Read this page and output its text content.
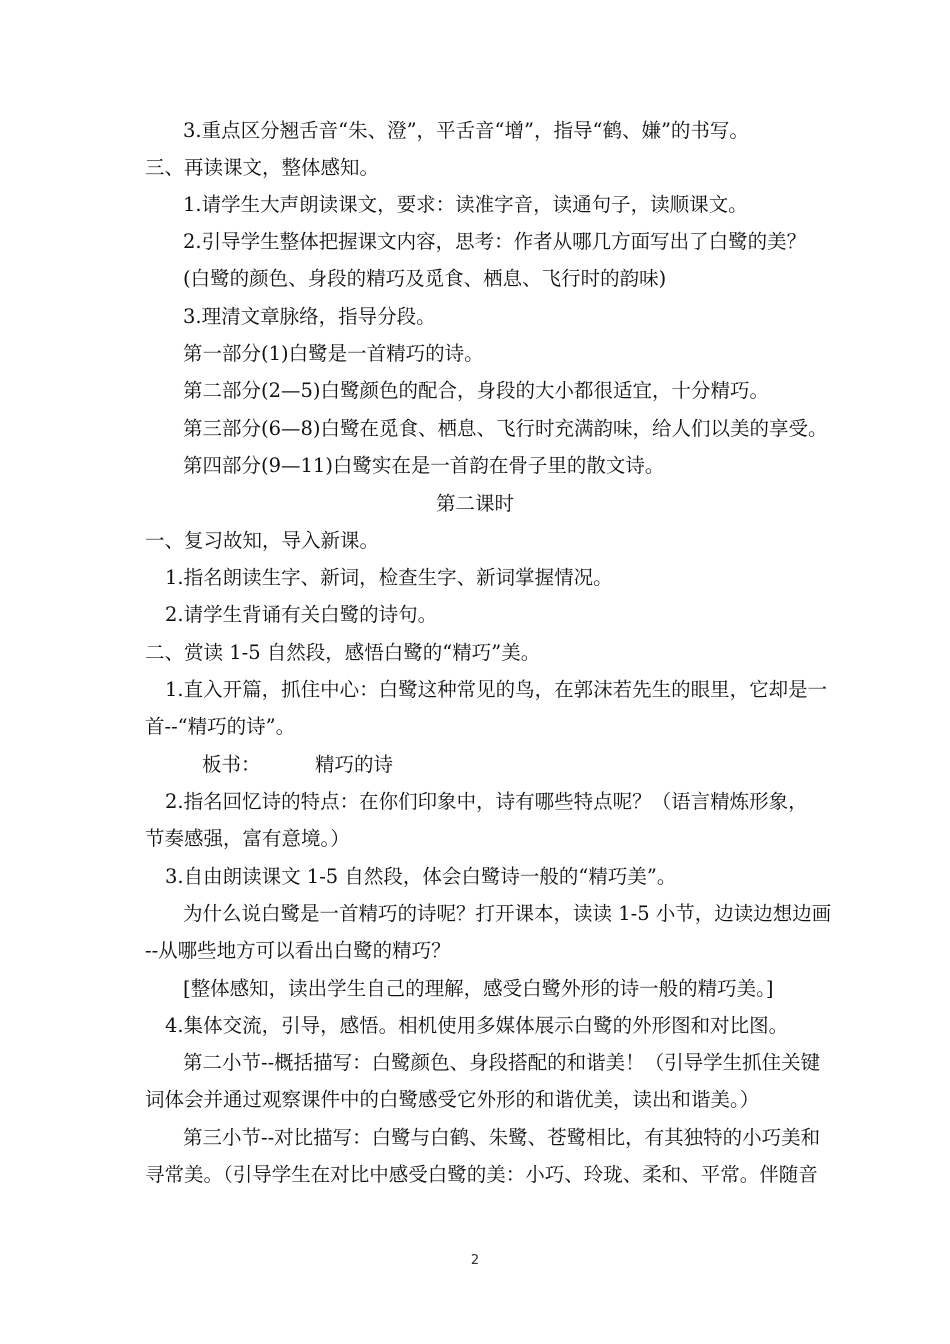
3.重点区分翘舌音“朱、澄”，平舌音“增”，指导“鹤、嫌”的书写。
三、再读课文，整体感知。
1.请学生大声朗读课文，要求：读准字音，读通句子，读顺课文。
2.引导学生整体把握课文内容，思考：作者从哪几方面写出了白鹭的美？
(白鹭的颜色、身段的精巧及觅食、栖息、飞行时的韵味)
3.理清文章脉络，指导分段。
第一部分(1)白鹭是一首精巧的诗。
第二部分(2—5)白鹭颜色的配合，身段的大小都很适宜，十分精巧。
第三部分(6—8)白鹭在觅食、栖息、飞行时充满韵味，给人们以美的享受。
第四部分(9—11)白鹭实在是一首韵在骨子里的散文诗。
第二课时
一、复习故知，导入新课。
1.指名朗读生字、新词，检查生字、新词掌握情况。
2.请学生背诵有关白鹭的诗句。
二、赏读 1-5 自然段，感悟白鹭的“精巧”美。
1.直入开篇，抓住中心：白鹭这种常见的鸟，在郭沫若先生的眼里，它却是一
首--“精巧的诗”。
板书：	精巧的诗
2.指名回忆诗的特点：在你们印象中，诗有哪些特点呢？（语言精炼形象，
节奏感强，富有意境。）
3.自由朗读课文 1-5 自然段，体会白鹭诗一般的“精巧美”。
为什么说白鹭是一首精巧的诗呢？打开课本，读读 1-5 小节，边读边想边画
--从哪些地方可以看出白鹭的精巧？
[整体感知，读出学生自己的理解，感受白鹭外形的诗一般的精巧美。]
4.集体交流，引导，感悟。相机使用多媒体展示白鹭的外形图和对比图。
第二小节--概括描写：白鹭颜色、身段搭配的和谐美！（引导学生抓住关键
词体会并通过观察课件中的白鹭感受它外形的和谐优美，读出和谐美。）
第三小节--对比描写：白鹭与白鹤、朱鹭、苍鹭相比，有其独特的小巧美和
寻常美。（引导学生在对比中感受白鹭的美：小巧、玲珑、柔和、平常。伴随音
2
